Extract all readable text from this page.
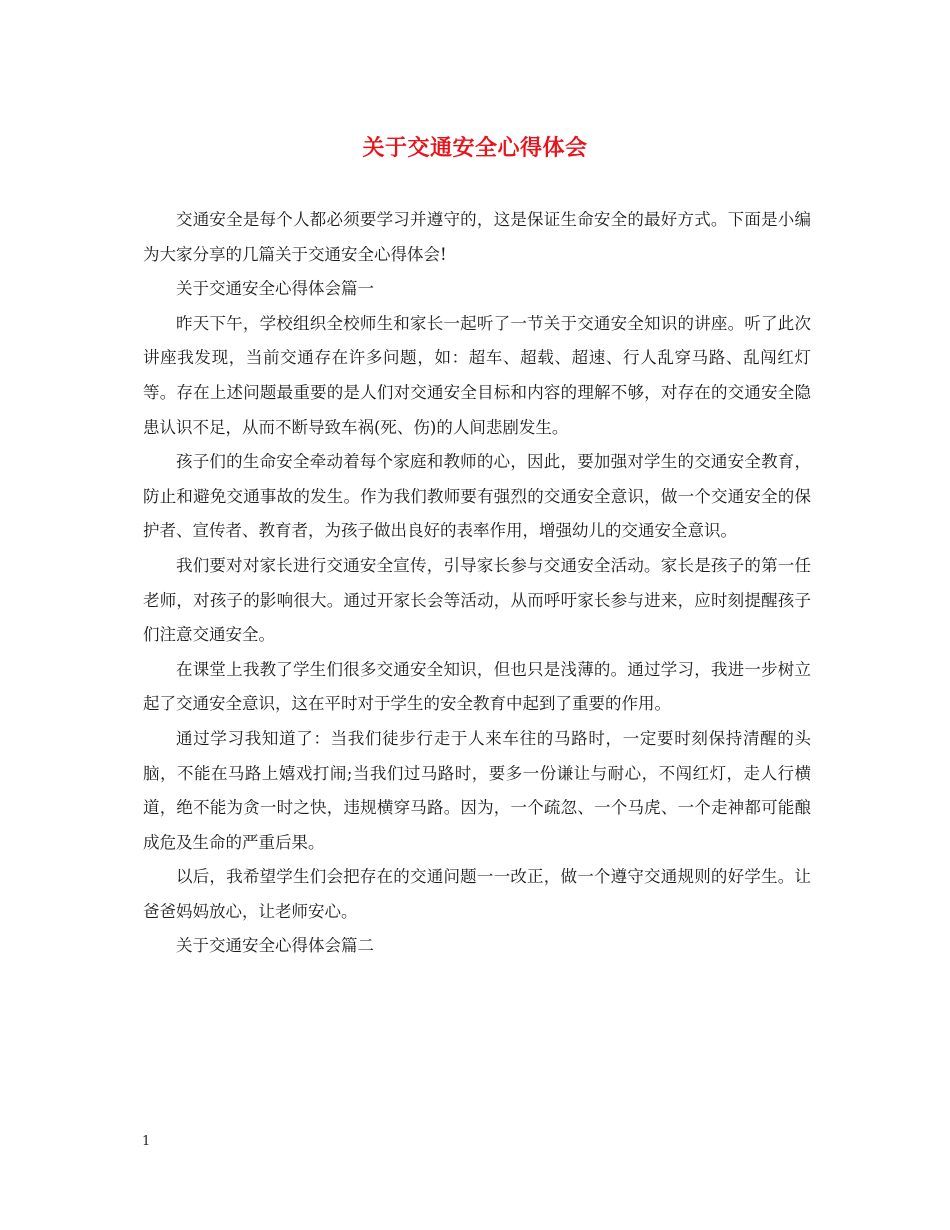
关于交通安全心得体会

交通安全是每个人都必须要学习并遵守的，这是保证生命安全的最好方式。下面是小编为大家分享的几篇关于交通安全心得体会!

关于交通安全心得体会篇一

昨天下午，学校组织全校师生和家长一起听了一节关于交通安全知识的讲座。听了此次讲座我发现，当前交通存在许多问题，如：超车、超载、超速、行人乱穿马路、乱闯红灯等。存在上述问题最重要的是人们对交通安全目标和内容的理解不够，对存在的交通安全隐患认识不足，从而不断导致车祸(死、伤)的人间悲剧发生。

孩子们的生命安全牵动着每个家庭和教师的心，因此，要加强对学生的交通安全教育，防止和避免交通事故的发生。作为我们教师要有强烈的交通安全意识，做一个交通安全的保护者、宣传者、教育者，为孩子做出良好的表率作用，增强幼儿的交通安全意识。

我们要对对家长进行交通安全宣传，引导家长参与交通安全活动。家长是孩子的第一任老师，对孩子的影响很大。通过开家长会等活动，从而呼吁家长参与进来，应时刻提醒孩子们注意交通安全。

在课堂上我教了学生们很多交通安全知识，但也只是浅薄的。通过学习，我进一步树立起了交通安全意识，这在平时对于学生的安全教育中起到了重要的作用。

通过学习我知道了：当我们徒步行走于人来车往的马路时，一定要时刻保持清醒的头脑，不能在马路上嬉戏打闹;当我们过马路时，要多一份谦让与耐心，不闯红灯，走人行横道，绝不能为贪一时之快，违规横穿马路。因为，一个疏忽、一个马虎、一个走神都可能酿成危及生命的严重后果。

以后，我希望学生们会把存在的交通问题一一改正，做一个遵守交通规则的好学生。让爸爸妈妈放心，让老师安心。

关于交通安全心得体会篇二

1
